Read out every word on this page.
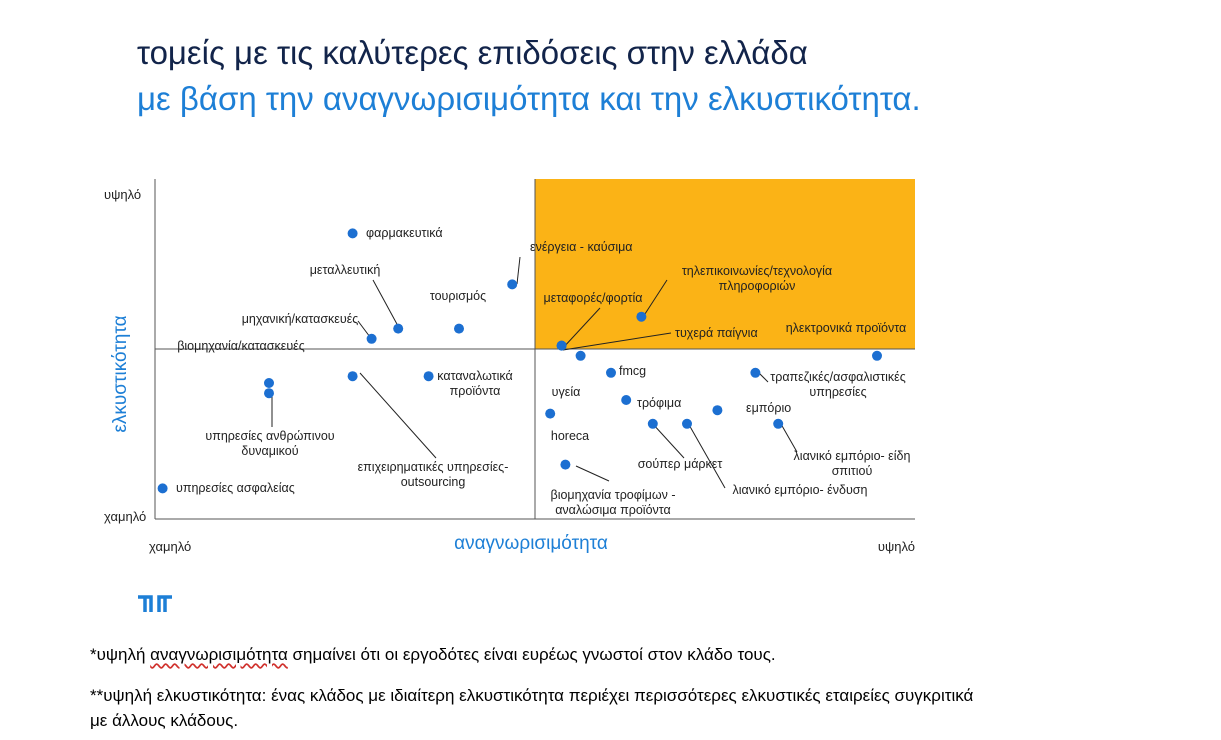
τομείς με τις καλύτερες επιδόσεις στην ελλάδα
με βάση την αναγνωρισιμότητα και την ελκυστικότητα.
υψηλό
χαμηλό
χαμηλό	υψηλό
αναγνωρισιμότητα
ελκυστικότητα
φαρμακευτικά
μεταλλευτική
τουρισμός
ενέργεια - καύσιμα
μηχανική/κατασκευές
βιομηχανία/κατασκευές
υπηρεσίες ανθρώπινου
δυναμικού
επιχειρηματικές υπηρεσίες-
outsourcing
καταναλωτικά
προϊόντα
υπηρεσίες ασφαλείας
τηλεπικοινωνίες/τεχνολογία
πληροφοριών
μεταφορές/φορτία
τυχερά παίγνια ηλεκτρονικά προϊόντα
υγεία
fmcg	τραπεζικές/ασφαλιστικές
υπηρεσίες
horeca
τρόφιμα	εμπόριο
σούπερ μάρκετ
λιανικό εμπόριο- ένδυση
λιανικό εμπόριο- είδη
σπιτιού
βιομηχανία τροφίμων -
αναλώσιμα προϊόντα
*υψηλή αναγνωρισιμότητα σημαίνει ότι οι εργοδότες είναι ευρέως γνωστοί στον κλάδο τους.
**υψηλή ελκυστικότητα: ένας κλάδος με ιδιαίτερη ελκυστικότητα περιέχει περισσότερες ελκυστικές εταιρείες συγκριτικά
με άλλους κλάδους.
